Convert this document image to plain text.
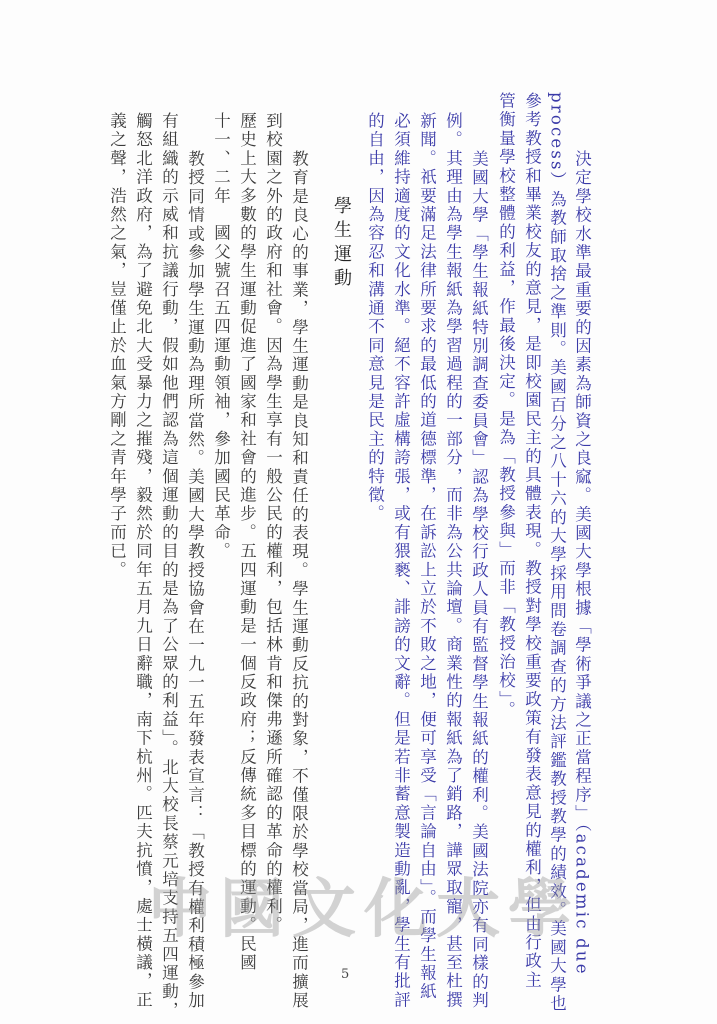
決定學校水準最重要的因素為師資之良窳。美國大學根據「學術爭議之正當程序」（academic due

process）為教師取捨之準則。美國百分之八十六的大學採用問卷調查的方法評鑑教授教學的績效。美國大學也

參考教授和畢業校友的意見，是即校園民主的具體表現。教授對學校重要政策有發表意見的權利，但由行政主

管衡量學校整體的利益，作最後決定。是為「教授參與」而非「教授治校」。

美國大學「學生報紙特別調查委員會」認為學校行政人員有監督學生報紙的權利。美國法院亦有同樣的判

例。其理由為學生報紙為學習過程的一部分，而非為公共論壇。商業性的報紙為了銷路，譁眾取寵，甚至杜撰

新聞。祇要滿足法律所要求的最低的道德標準，在訴訟上立於不敗之地，便可享受「言論自由」。而學生報紙

必須維持適度的文化水準。絕不容許虛構誇張，或有猥褻、誹謗的文辭。但是若非蓄意製造動亂，學生有批評

的自由，因為容忍和溝通不同意見是民主的特徵。

學生運動

教育是良心的事業，學生運動是良知和責任的表現。學生運動反抗的對象，不僅限於學校當局，進而擴展

到校園之外的政府和社會。因為學生享有一般公民的權利，包括林肯和傑弗遜所確認的革命的權利。

歷史上大多數的學生運動促進了國家和社會的進步。五四運動是一個反政府；反傳統多目標的運動。民國

十一、二年　國父號召五四運動領袖，參加國民革命。

教授同情或參加學生運動為理所當然。美國大學教授協會在一九一五年發表宣言：「教授有權利積極參加

有組織的示威和抗議行動，假如他們認為這個運動的目的是為了公眾的利益」。北大校長蔡元培支持五四運動，

觸怒北洋政府，為了避免北大受暴力之摧殘，毅然於同年五月九日辭職，南下杭州。匹夫抗憤，處士橫議，正

義之聲，浩然之氣，豈僅止於血氣方剛之青年學子而已。

中國文化大學
5
